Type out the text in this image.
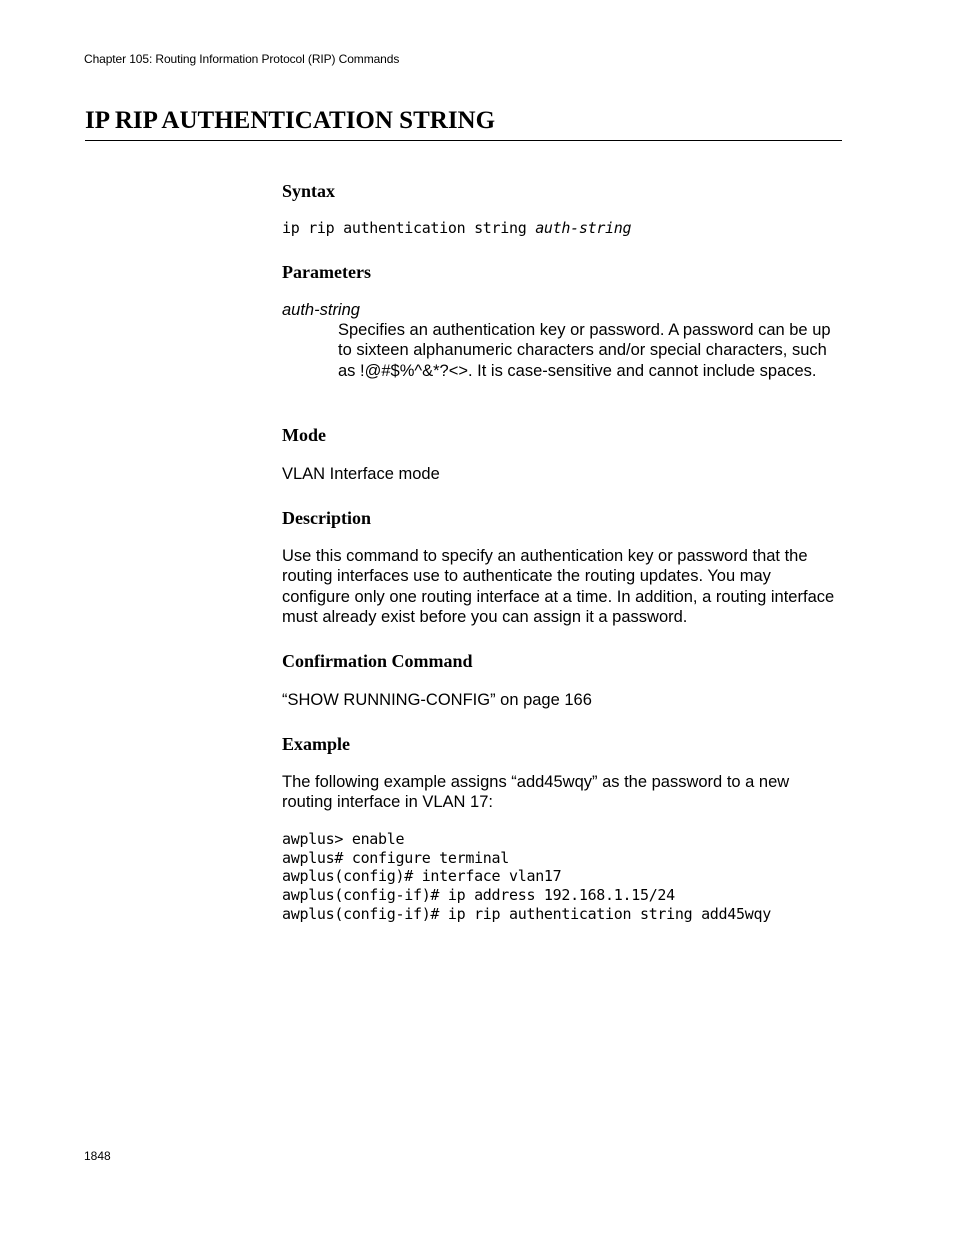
Chapter 105: Routing Information Protocol (RIP) Commands
IP RIP AUTHENTICATION STRING
Syntax
ip rip authentication string auth-string
Parameters
auth-string
Specifies an authentication key or password. A password can be up to sixteen alphanumeric characters and/or special characters, such as !@#$%^&*?<>. It is case-sensitive and cannot include spaces.
Mode
VLAN Interface mode
Description
Use this command to specify an authentication key or password that the routing interfaces use to authenticate the routing updates. You may configure only one routing interface at a time. In addition, a routing interface must already exist before you can assign it a password.
Confirmation Command
“SHOW RUNNING-CONFIG” on page 166
Example
The following example assigns “add45wqy” as the password to a new routing interface in VLAN 17:
awplus> enable
awplus# configure terminal
awplus(config)# interface vlan17
awplus(config-if)# ip address 192.168.1.15/24
awplus(config-if)# ip rip authentication string add45wqy
1848
